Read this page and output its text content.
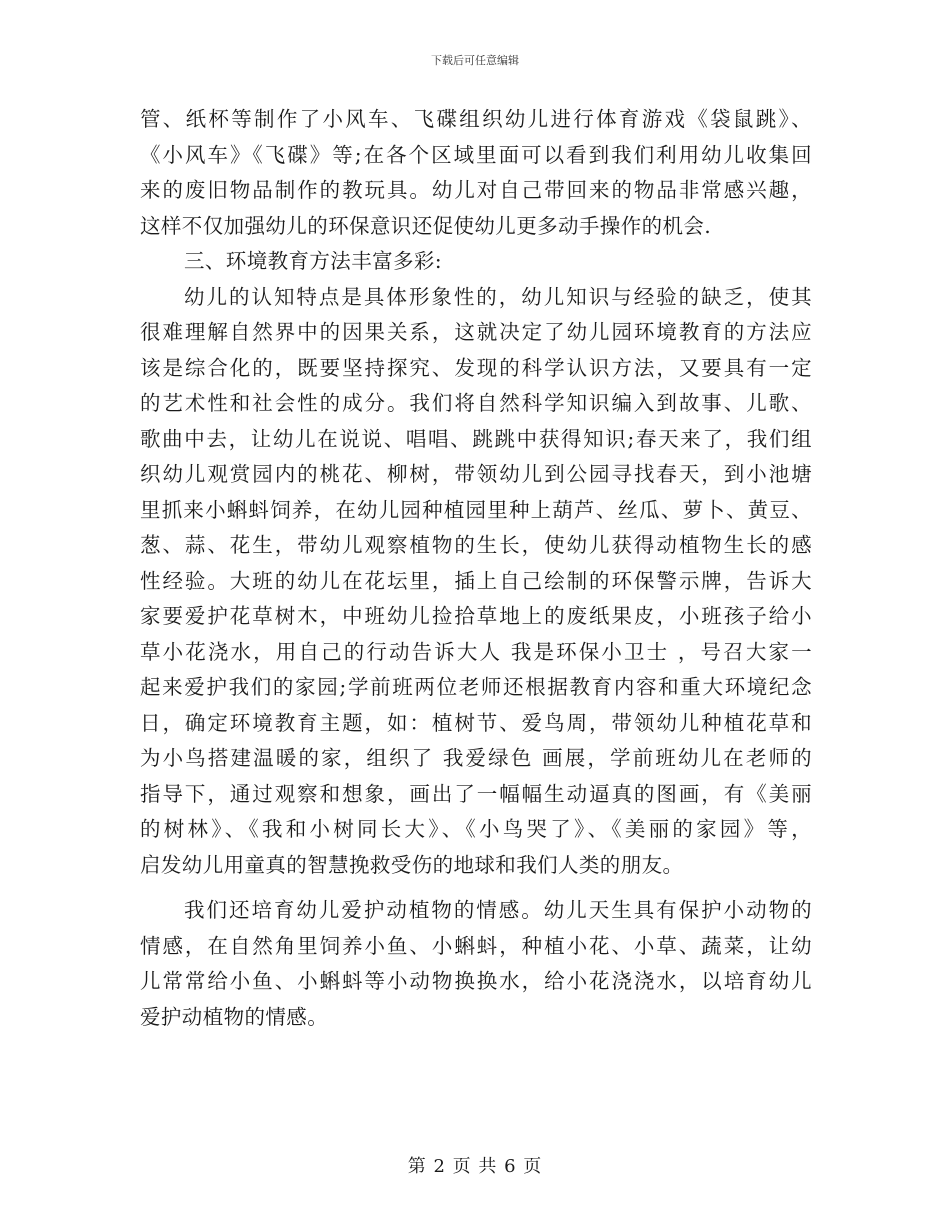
下载后可任意编辑
管、纸杯等制作了小风车、飞碟组织幼儿进行体育游戏《袋鼠跳》、
《小风车》《飞碟》等;在各个区域里面可以看到我们利用幼儿收集回
来的废旧物品制作的教玩具。幼儿对自己带回来的物品非常感兴趣，
这样不仅加强幼儿的环保意识还促使幼儿更多动手操作的机会.
三、环境教育方法丰富多彩:
幼儿的认知特点是具体形象性的，幼儿知识与经验的缺乏，使其
很难理解自然界中的因果关系，这就决定了幼儿园环境教育的方法应
该是综合化的，既要坚持探究、发现的科学认识方法，又要具有一定
的艺术性和社会性的成分。我们将自然科学知识编入到故事、儿歌、
歌曲中去，让幼儿在说说、唱唱、跳跳中获得知识;春天来了，我们组
织幼儿观赏园内的桃花、柳树，带领幼儿到公园寻找春天，到小池塘
里抓来小蝌蚪饲养，在幼儿园种植园里种上葫芦、丝瓜、萝卜、黄豆、
葱、蒜、花生，带幼儿观察植物的生长，使幼儿获得动植物生长的感
性经验。大班的幼儿在花坛里，插上自己绘制的环保警示牌，告诉大
家要爱护花草树木，中班幼儿捡拾草地上的废纸果皮，小班孩子给小
草小花浇水，用自己的行动告诉大人 我是环保小卫士 ，号召大家一
起来爱护我们的家园;学前班两位老师还根据教育内容和重大环境纪念
日，确定环境教育主题，如：植树节、爱鸟周，带领幼儿种植花草和
为小鸟搭建温暖的家，组织了 我爱绿色 画展，学前班幼儿在老师的
指导下，通过观察和想象，画出了一幅幅生动逼真的图画，有《美丽
的树林》、《我和小树同长大》、《小鸟哭了》、《美丽的家园》等，
启发幼儿用童真的智慧挽救受伤的地球和我们人类的朋友。
我们还培育幼儿爱护动植物的情感。幼儿天生具有保护小动物的
情感，在自然角里饲养小鱼、小蝌蚪，种植小花、小草、蔬菜，让幼
儿常常给小鱼、小蝌蚪等小动物换换水，给小花浇浇水，以培育幼儿
爱护动植物的情感。
第 2 页 共 6 页
